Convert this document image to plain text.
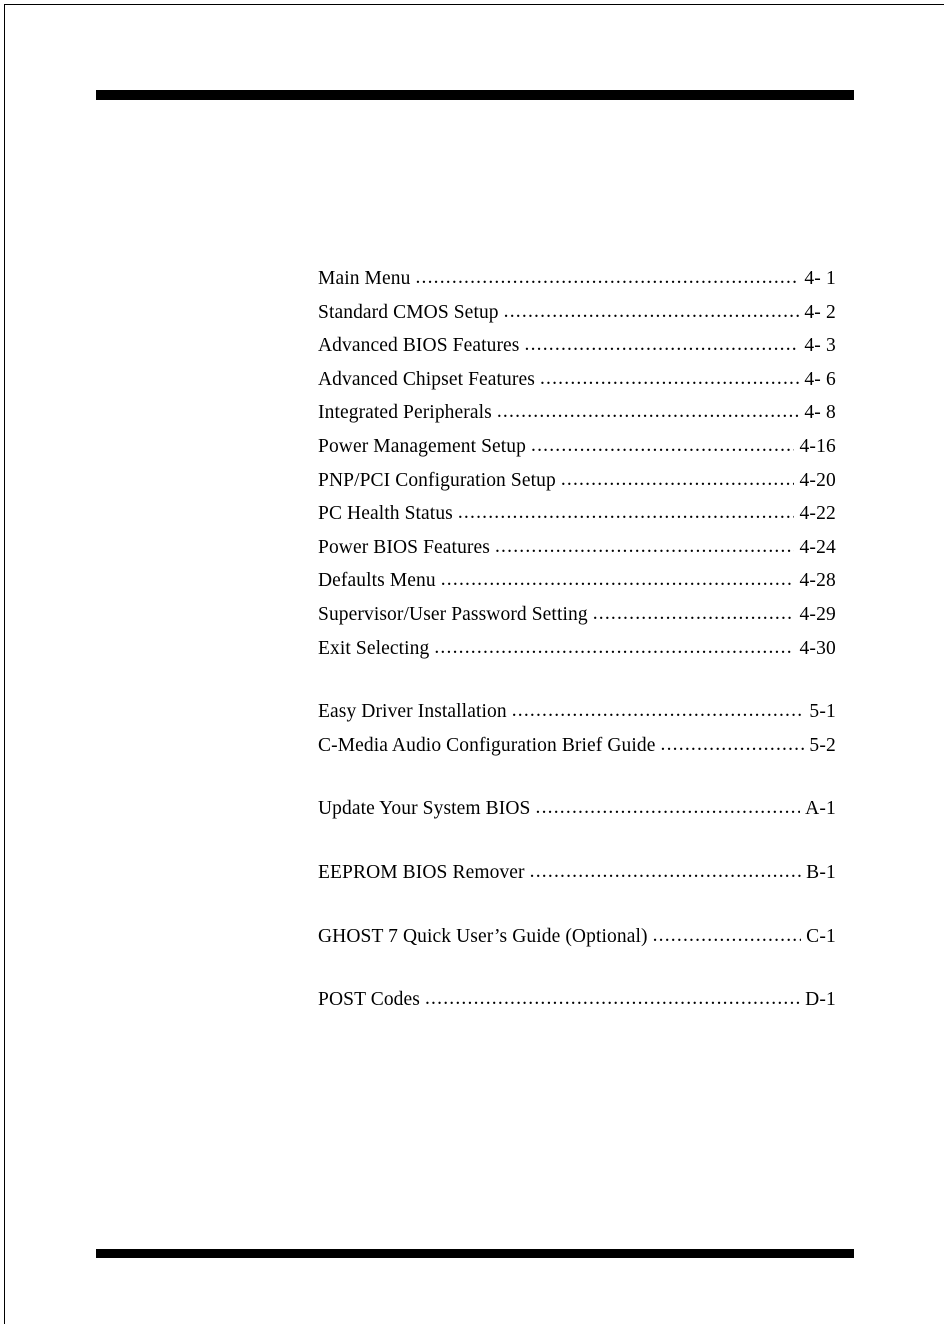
Main Menu .....	4- 1
Standard CMOS Setup .....	4- 2
Advanced BIOS Features .....	4- 3
Advanced Chipset Features .....	4- 6
Integrated Peripherals .....	4- 8
Power Management Setup .....	4-16
PNP/PCI Configuration Setup .....	4-20
PC Health Status .....	4-22
Power BIOS Features .....	4-24
Defaults Menu .....	4-28
Supervisor/User Password Setting .....	4-29
Exit Selecting .....	4-30
Easy Driver Installation .....	5-1
C-Media Audio Configuration Brief Guide .....	5-2
Update Your System BIOS .....	A-1
EEPROM BIOS Remover .....	B-1
GHOST 7 Quick User’s Guide (Optional) .....	C-1
POST Codes .....	D-1
